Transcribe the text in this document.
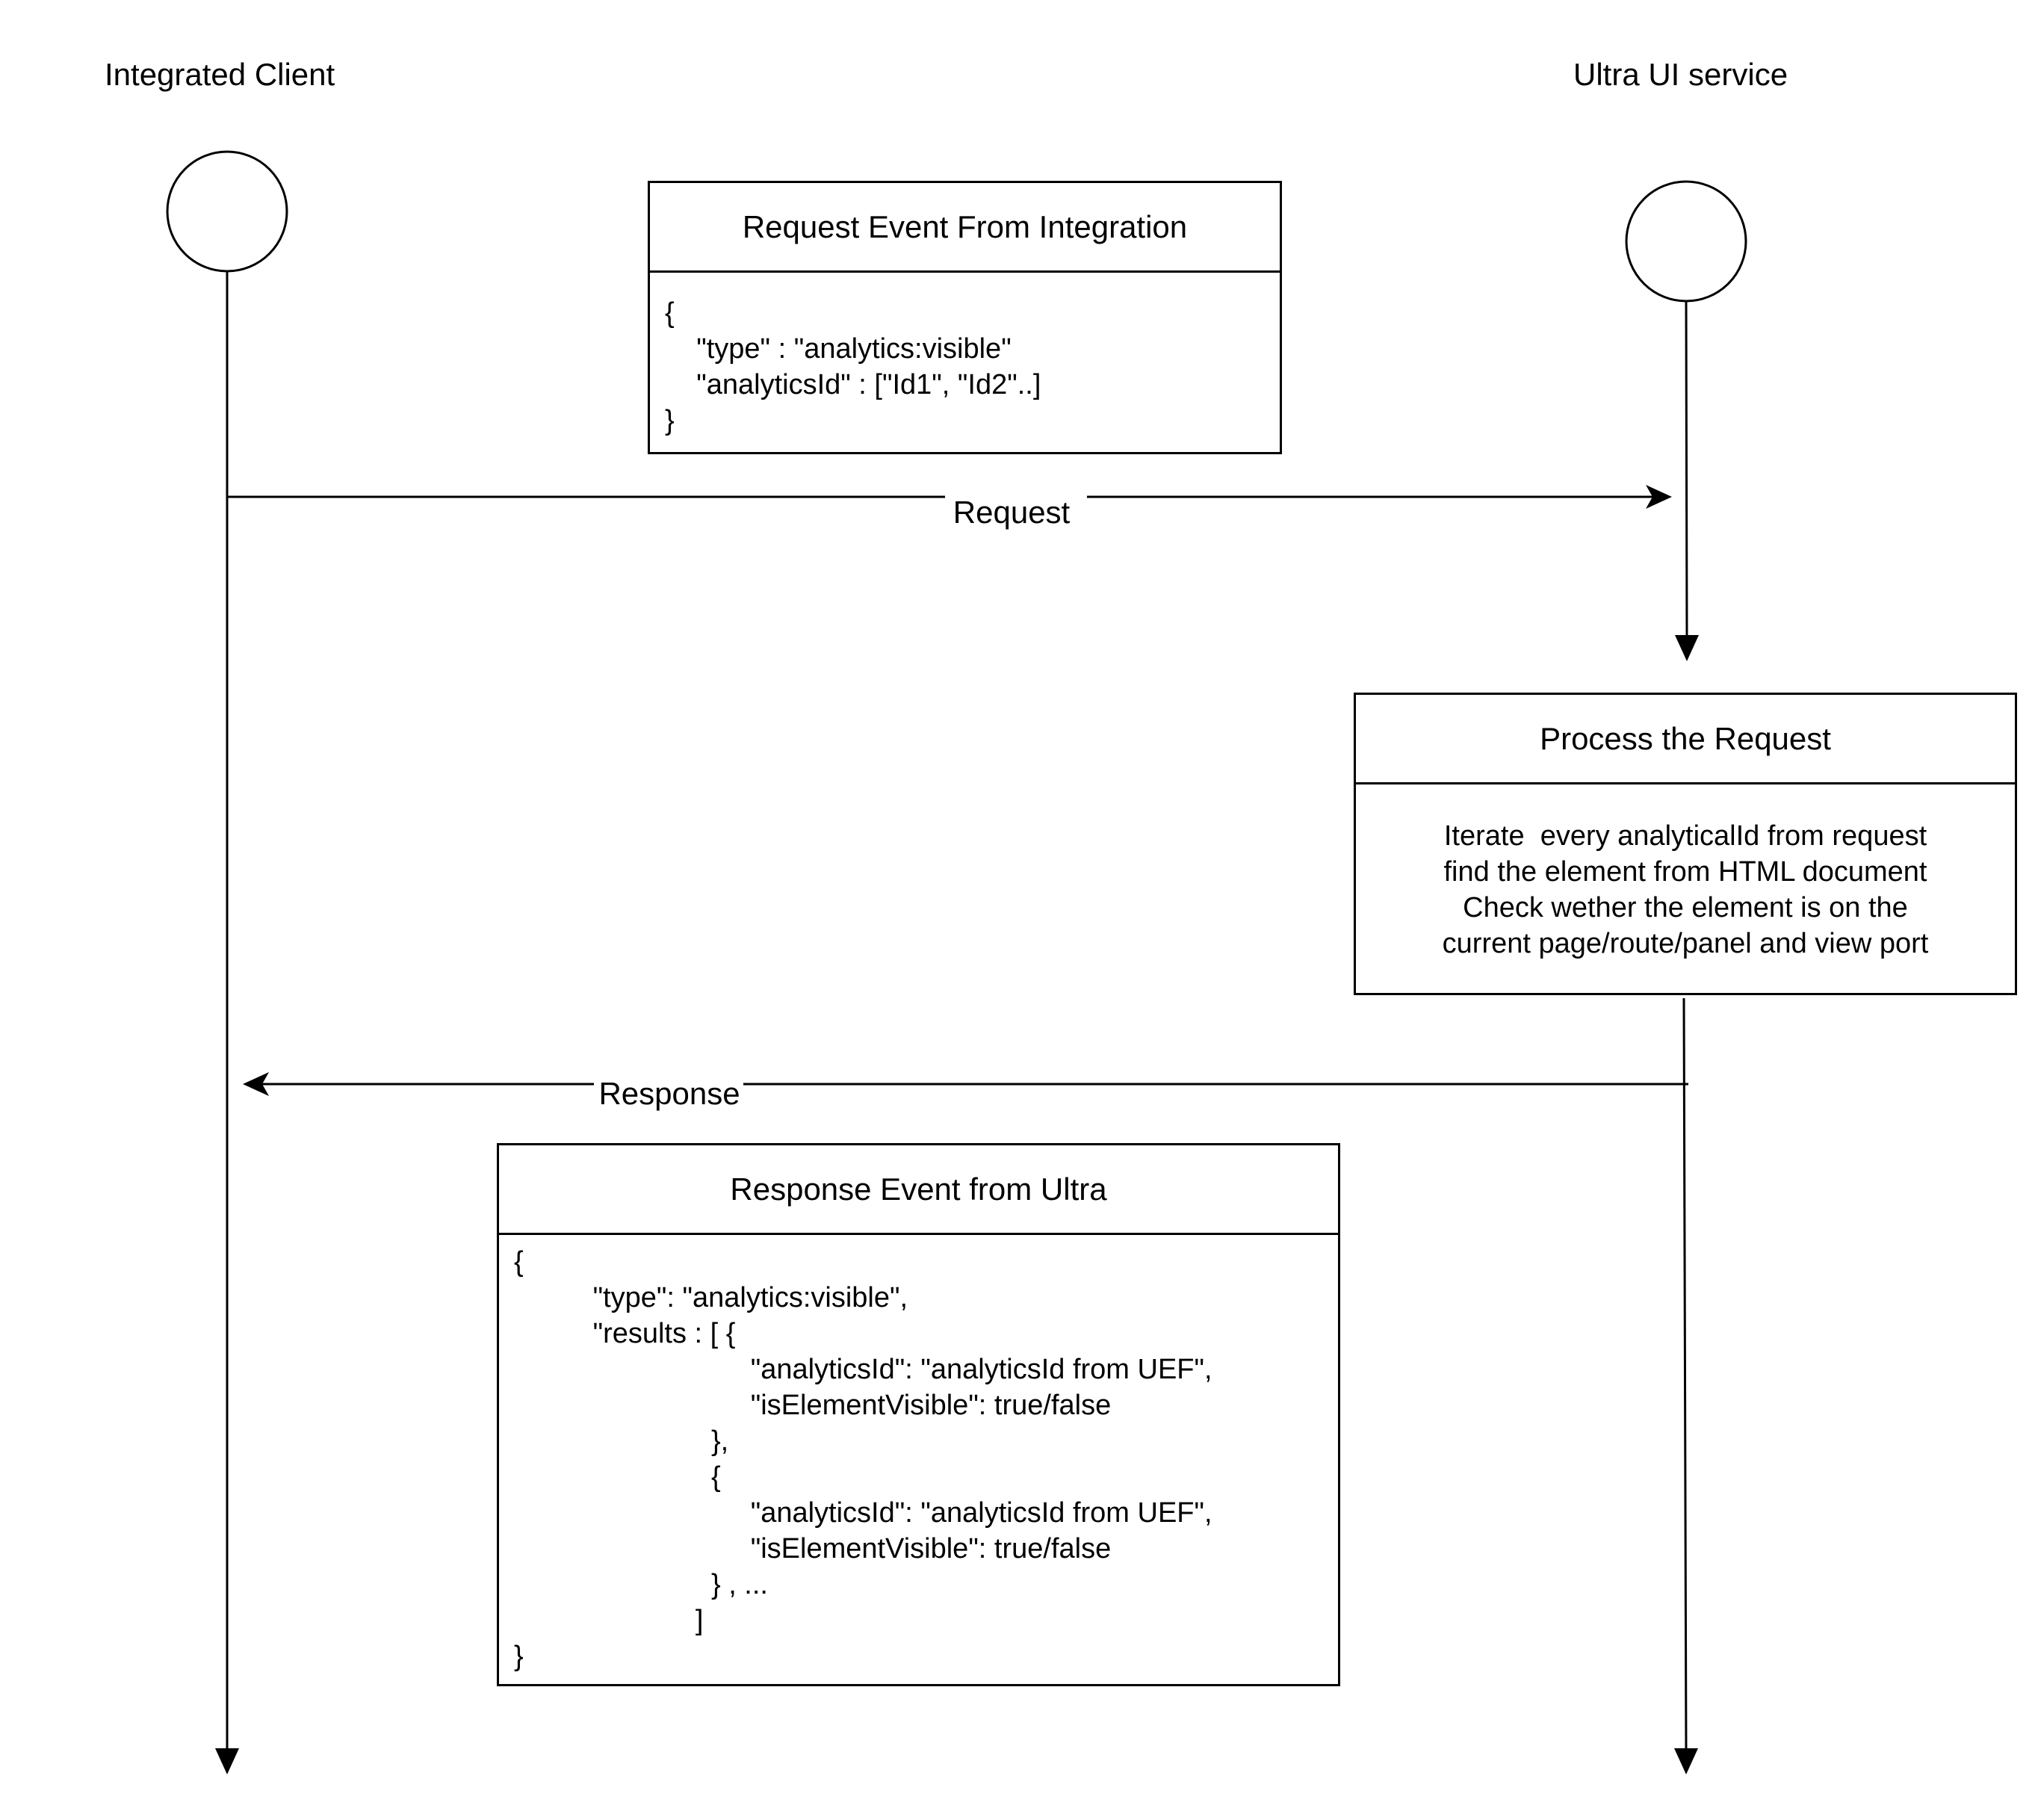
Request
Response
Integrated Client	Ultra UI service
Request Event From Integration
{
"type" : "analytics:visible"
"analyticsId" : ["Id1", "Id2"..]
}
Process the Request
Iterate  every analyticalId from request
find the element from HTML document
Check wether the element is on the
current page/route/panel and view port
Response Event from Ultra
{
"type": "analytics:visible",
"results : [ {
"analyticsId": "analyticsId from UEF",
"isElementVisible": true/false
},
{
"analyticsId": "analyticsId from UEF",
"isElementVisible": true/false
} , ...
]
}
